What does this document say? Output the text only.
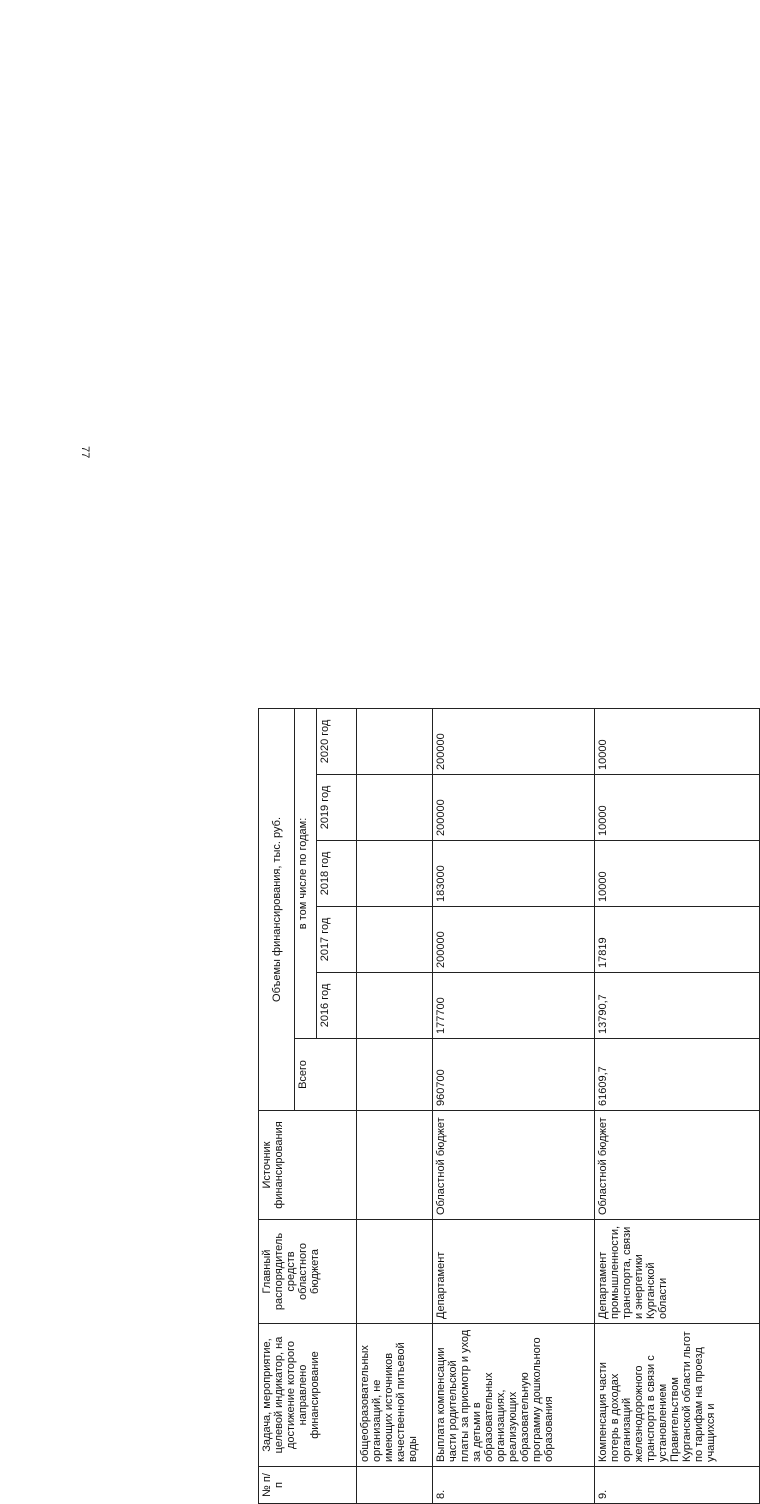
77
№ п/п	Задача, мероприятие, целевой индикатор, на достижение которого направлено финансирование	Главный распорядитель средств областного бюджета	Источник финансирования	Объемы финансирования, тыс. руб.					
				Всего	в том числе по годам:				
					2016 год	2017 год	2018 год	2019 год	2020 год
	общеобразовательных организаций, не имеющих источников качественной питьевой воды								
8.	Выплата компенсации части родительской платы за присмотр и уход за детьми в образовательных организациях, реализующих образовательную программу дошкольного образования	Департамент	Областной бюджет	960700	177700	200000	183000	200000	200000
9.	Компенсация части потерь в доходах организаций железнодорожного транспорта в связи с установлением Правительством Курганской области льгот по тарифам на проезд учащихся и	Департамент промышленности, транспорта, связи и энергетики Курганской области	Областной бюджет	61609,7	13790,7	17819	10000	10000	10000
